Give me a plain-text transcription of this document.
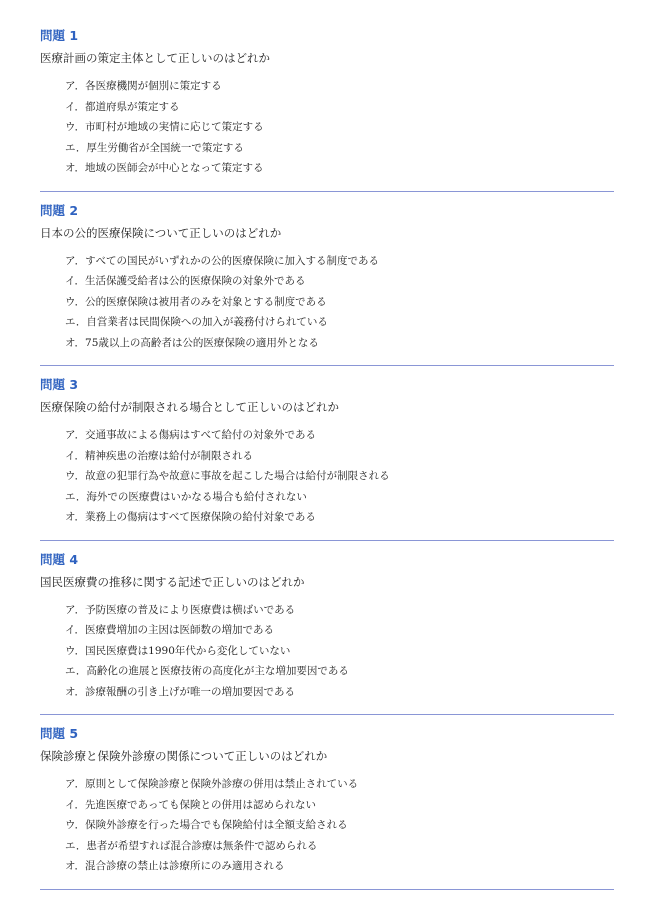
問題 1

医療計画の策定主体として正しいのはどれか

ア．各医療機関が個別に策定する
イ．都道府県が策定する
ウ．市町村が地域の実情に応じて策定する
エ．厚生労働省が全国統一で策定する
オ．地域の医師会が中心となって策定する
問題 2

日本の公的医療保険について正しいのはどれか

ア．すべての国民がいずれかの公的医療保険に加入する制度である
イ．生活保護受給者は公的医療保険の対象外である
ウ．公的医療保険は被用者のみを対象とする制度である
エ．自営業者は民間保険への加入が義務付けられている
オ．75歳以上の高齢者は公的医療保険の適用外となる
問題 3

医療保険の給付が制限される場合として正しいのはどれか

ア．交通事故による傷病はすべて給付の対象外である
イ．精神疾患の治療は給付が制限される
ウ．故意の犯罪行為や故意に事故を起こした場合は給付が制限される
エ．海外での医療費はいかなる場合も給付されない
オ．業務上の傷病はすべて医療保険の給付対象である
問題 4

国民医療費の推移に関する記述で正しいのはどれか

ア．予防医療の普及により医療費は横ばいである
イ．医療費増加の主因は医師数の増加である
ウ．国民医療費は1990年代から変化していない
エ．高齢化の進展と医療技術の高度化が主な増加要因である
オ．診療報酬の引き上げが唯一の増加要因である
問題 5

保険診療と保険外診療の関係について正しいのはどれか

ア．原則として保険診療と保険外診療の併用は禁止されている
イ．先進医療であっても保険との併用は認められない
ウ．保険外診療を行った場合でも保険給付は全額支給される
エ．患者が希望すれば混合診療は無条件で認められる
オ．混合診療の禁止は診療所にのみ適用される
